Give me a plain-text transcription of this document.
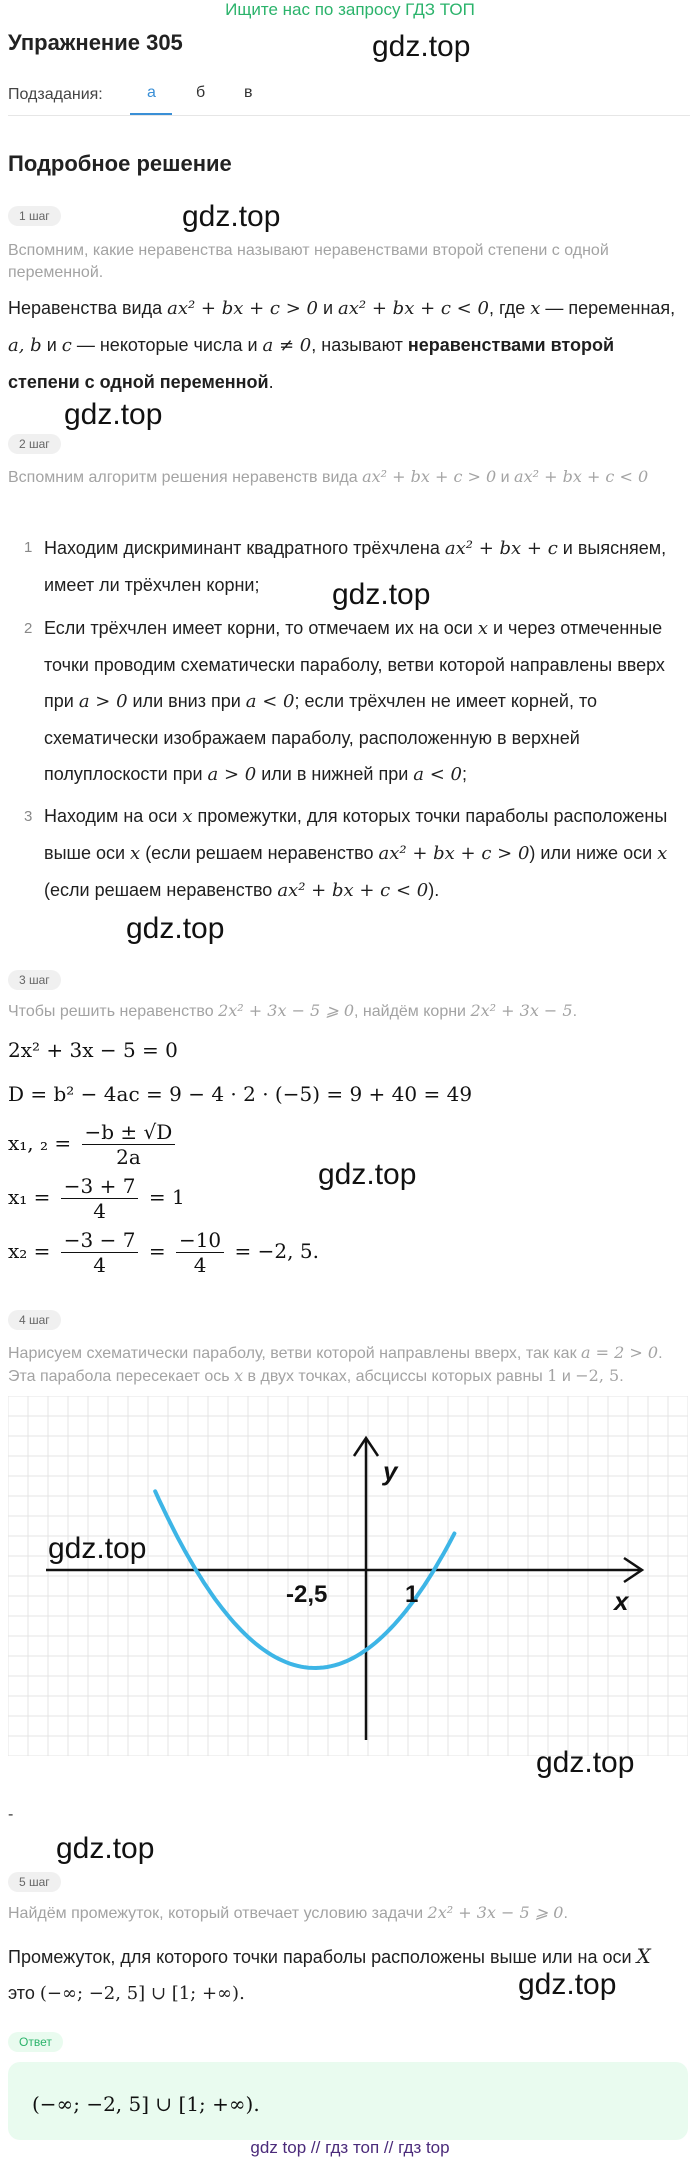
Ищите нас по запросу ГДЗ ТОП
Упражнение 305	gdz.top
Подзадания:	а	б в
Подробное решение
1 шаг	gdz.top
Вспомним, какие неравенства называют неравенствами второй степени с одной переменной.
Неравенства вида ax² + bx + c > 0 и ax² + bx + c < 0, где x — переменная, a, b и c — некоторые числа и a ≠ 0, называют неравенствами второй степени с одной переменной.
gdz.top
2 шаг
Вспомним алгоритм решения неравенств вида ax² + bx + c > 0 и ax² + bx + c < 0
1 Находим дискриминант квадратного трёхчлена ax² + bx + c и выясняем, имеет ли трёхчлен корни;	gdz.top
2 Если трёхчлен имеет корни, то отмечаем их на оси x и через отмеченные точки проводим схематически параболу, ветви которой направлены вверх при a > 0 или вниз при a < 0; если трёхчлен не имеет корней, то схематически изображаем параболу, расположенную в верхней полуплоскости при a > 0 или в нижней при a < 0;
3 Находим на оси x промежутки, для которых точки параболы расположены выше оси x (если решаем неравенство ax² + bx + c > 0) или ниже оси x (если решаем неравенство ax² + bx + c < 0).
gdz.top
3 шаг
Чтобы решить неравенство 2x² + 3x − 5 ⩾ 0, найдём корни 2x² + 3x − 5.
2x² + 3x − 5 = 0
D = b² − 4ac = 9 − 4 · 2 · (−5) = 9 + 40 = 49
x₁, $_2 = \frac{-b \pm √D}{2a}$
gdz.top
$x_1 = \frac{-3 + 7}{4} = 1$
$x_2 = \frac{-3 - 7}{4} = \frac{-10}{4} = -2$, 5.
4 шаг
Нарисуем схематически параболу, ветви которой направлены вверх, так как a = 2 > 0. Эта парабола пересекает ось x в двух точках, абсциссы которых равны 1 и −2, 5.
y
x
-2,5	1
gdz.top
gdz.top
-
gdz.top
5 шаг
Найдём промежуток, который отвечает условию задачи 2x² + 3x − 5 ⩾ 0.
Промежуток, для которого точки параболы расположены выше или на оси X
это (−∞; −2, 5] ∪ [1; +∞).	gdz.top
Ответ
(−∞; −2, 5] ∪ [1; +∞).
gdz top // гдз топ // гдз top
